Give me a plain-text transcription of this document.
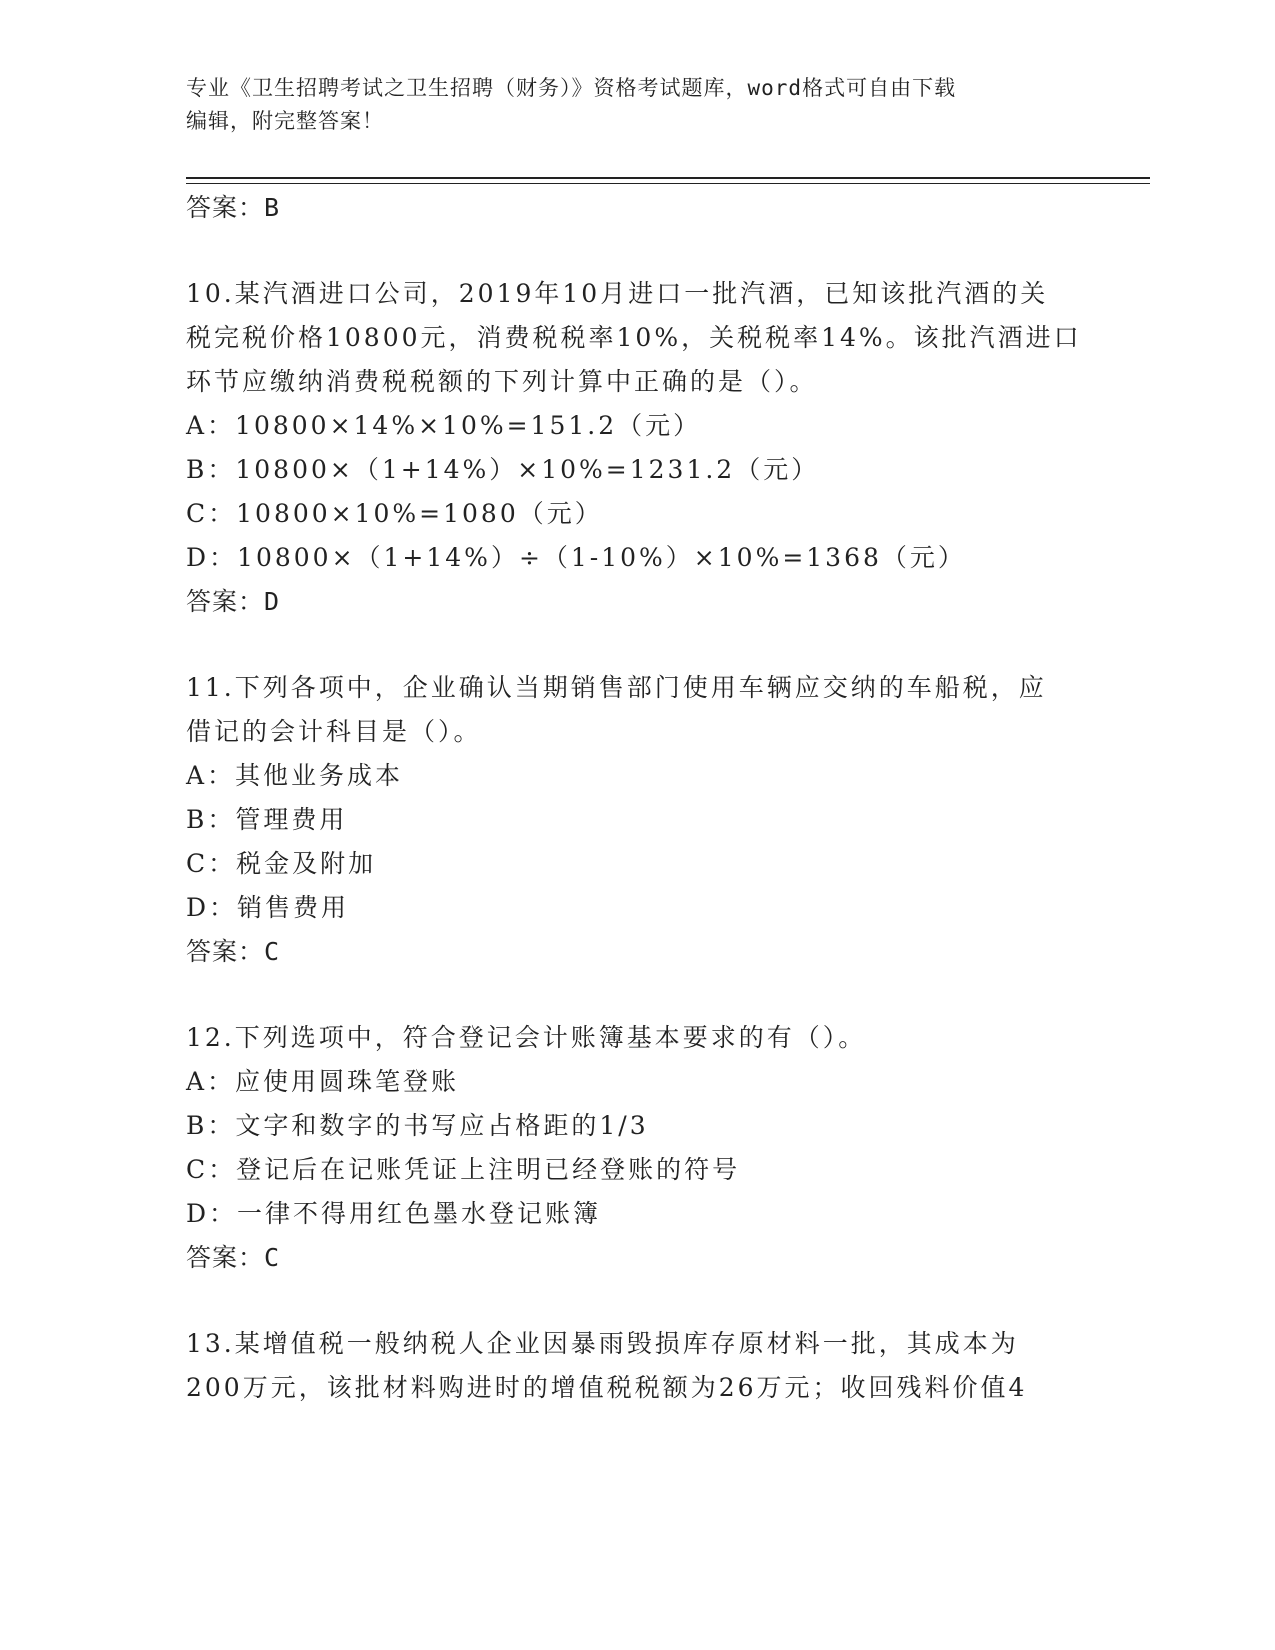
专业《卫生招聘考试之卫生招聘（财务）》资格考试题库，word格式可自由下载
编辑，附完整答案！
答案：B
10.某汽酒进口公司，2019年10月进口一批汽酒，已知该批汽酒的关
税完税价格10800元，消费税税率10%，关税税率14%。该批汽酒进口
环节应缴纳消费税税额的下列计算中正确的是（）。
A：10800×14%×10%=151.2（元）
B：10800×（1+14%）×10%=1231.2（元）
C：10800×10%=1080（元）
D：10800×（1+14%）÷（1-10%）×10%=1368（元）
答案：D
11.下列各项中，企业确认当期销售部门使用车辆应交纳的车船税，应
借记的会计科目是（）。
A：其他业务成本
B：管理费用
C：税金及附加
D：销售费用
答案：C
12.下列选项中，符合登记会计账簿基本要求的有（）。
A：应使用圆珠笔登账
B：文字和数字的书写应占格距的1/3
C：登记后在记账凭证上注明已经登账的符号
D：一律不得用红色墨水登记账簿
答案：C
13.某增值税一般纳税人企业因暴雨毁损库存原材料一批，其成本为
200万元，该批材料购进时的增值税税额为26万元；收回残料价值4
